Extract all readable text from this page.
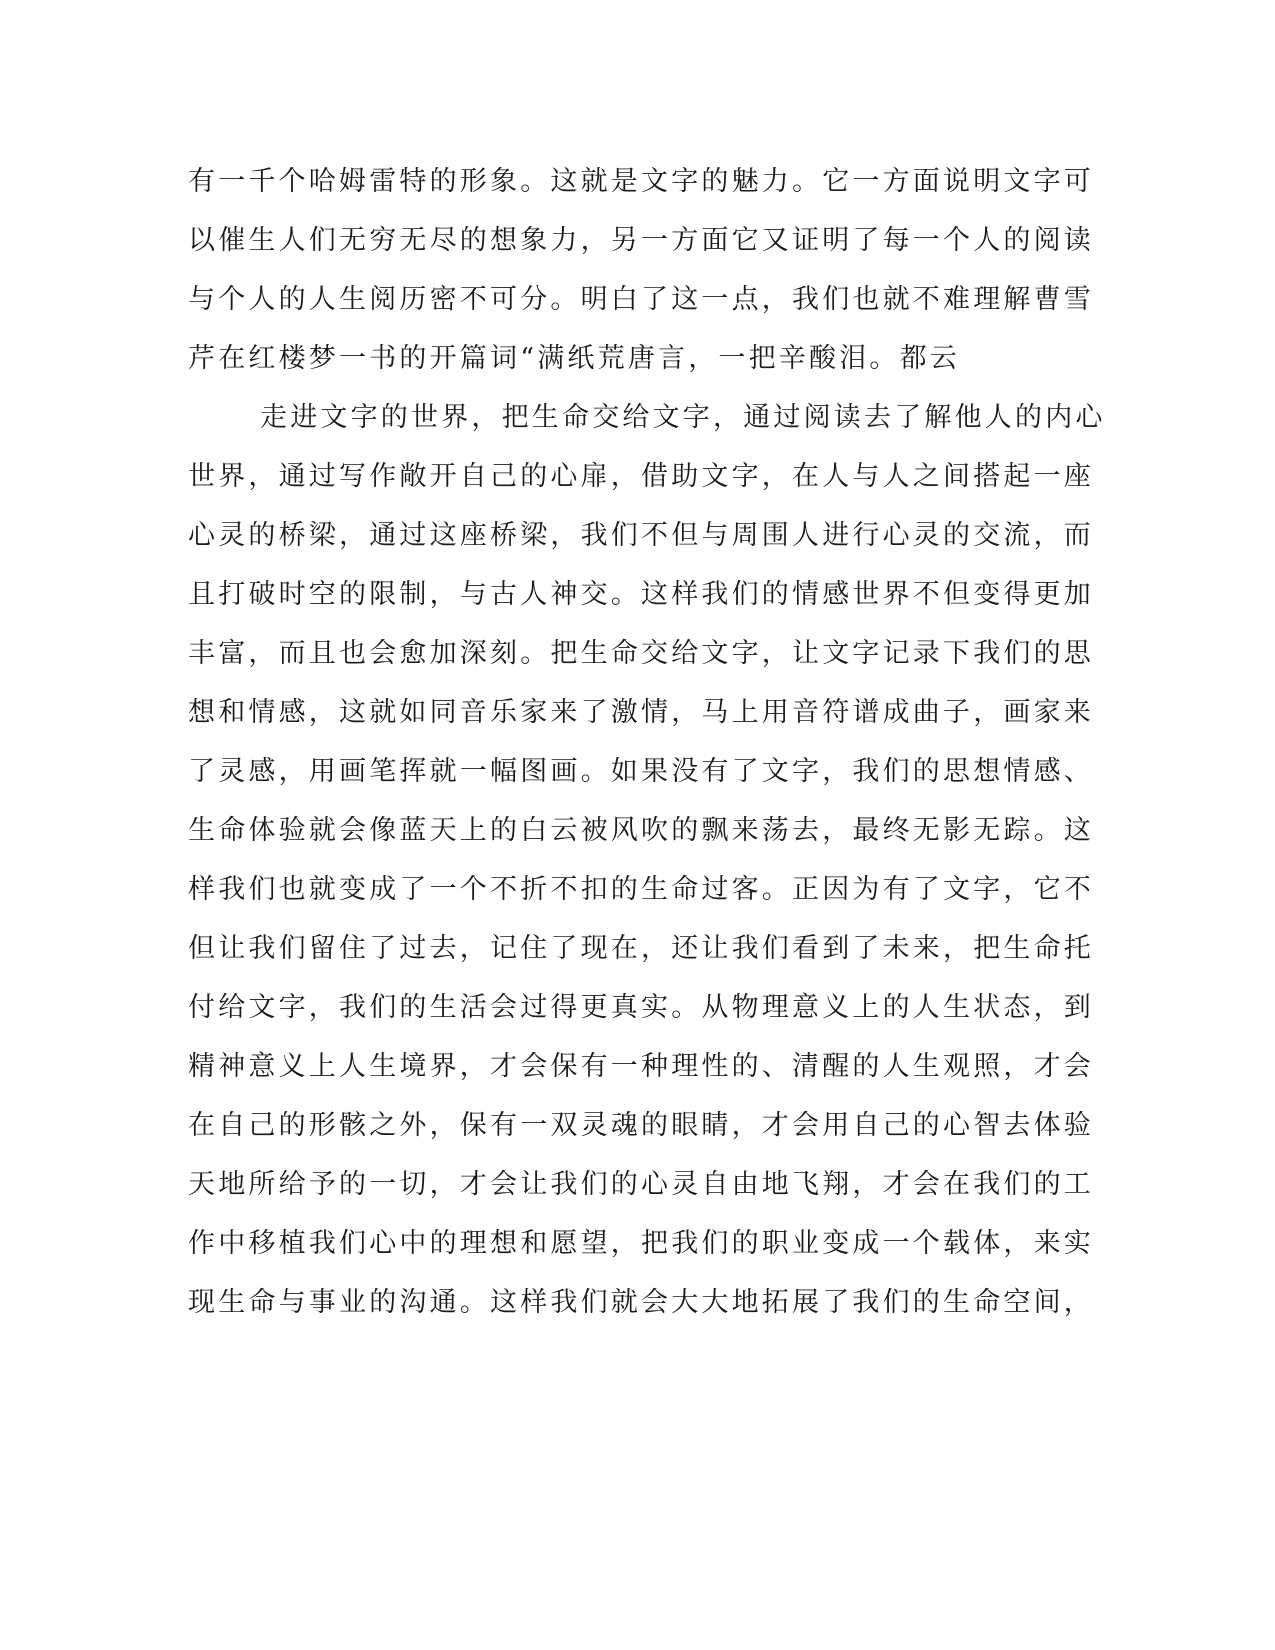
有一千个哈姆雷特的形象。这就是文字的魅力。它一方面说明文字可
以催生人们无穷无尽的想象力，另一方面它又证明了每一个人的阅读
与个人的人生阅历密不可分。明白了这一点，我们也就不难理解曹雪
芹在红楼梦一书的开篇词“满纸荒唐言，一把辛酸泪。都云
走进文字的世界，把生命交给文字，通过阅读去了解他人的内心
世界，通过写作敞开自己的心扉，借助文字，在人与人之间搭起一座
心灵的桥梁，通过这座桥梁，我们不但与周围人进行心灵的交流，而
且打破时空的限制，与古人神交。这样我们的情感世界不但变得更加
丰富，而且也会愈加深刻。把生命交给文字，让文字记录下我们的思
想和情感，这就如同音乐家来了激情，马上用音符谱成曲子，画家来
了灵感，用画笔挥就一幅图画。如果没有了文字，我们的思想情感、
生命体验就会像蓝天上的白云被风吹的飘来荡去，最终无影无踪。这
样我们也就变成了一个不折不扣的生命过客。正因为有了文字，它不
但让我们留住了过去，记住了现在，还让我们看到了未来，把生命托
付给文字，我们的生活会过得更真实。从物理意义上的人生状态，到
精神意义上人生境界，才会保有一种理性的、清醒的人生观照，才会
在自己的形骸之外，保有一双灵魂的眼睛，才会用自己的心智去体验
天地所给予的一切，才会让我们的心灵自由地飞翔，才会在我们的工
作中移植我们心中的理想和愿望，把我们的职业变成一个载体，来实
现生命与事业的沟通。这样我们就会大大地拓展了我们的生命空间，
